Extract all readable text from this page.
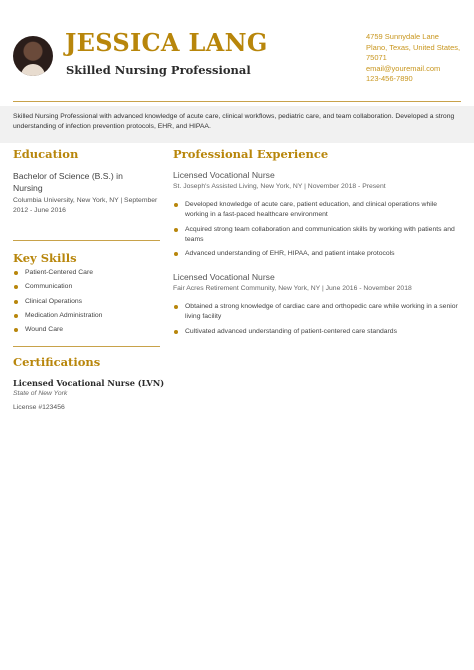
JESSICA LANG
Skilled Nursing Professional
4759 Sunnydale Lane
Plano, Texas, United States,
75071
email@youremail.com
123-456-7890
Skilled Nursing Professional with advanced knowledge of acute care, clinical workflows, pediatric care, and team collaboration. Developed a strong understanding of infection prevention protocols, EHR, and HIPAA.
Education
Bachelor of Science (B.S.) in Nursing
Columbia University, New York, NY | September 2012 - June 2016
Key Skills
Patient-Centered Care
Communication
Clinical Operations
Medication Administration
Wound Care
Certifications
Licensed Vocational Nurse (LVN)
State of New York
License #123456
Professional Experience
Licensed Vocational Nurse
St. Joseph's Assisted Living, New York, NY | November 2018 - Present
Developed knowledge of acute care, patient education, and clinical operations while working in a fast-paced healthcare environment
Acquired strong team collaboration and communication skills by working with patients and teams
Advanced understanding of EHR, HIPAA, and patient intake protocols
Licensed Vocational Nurse
Fair Acres Retirement Community, New York, NY | June 2016 - November 2018
Obtained a strong knowledge of cardiac care and orthopedic care while working in a senior living facility
Cultivated advanced understanding of patient-centered care standards
